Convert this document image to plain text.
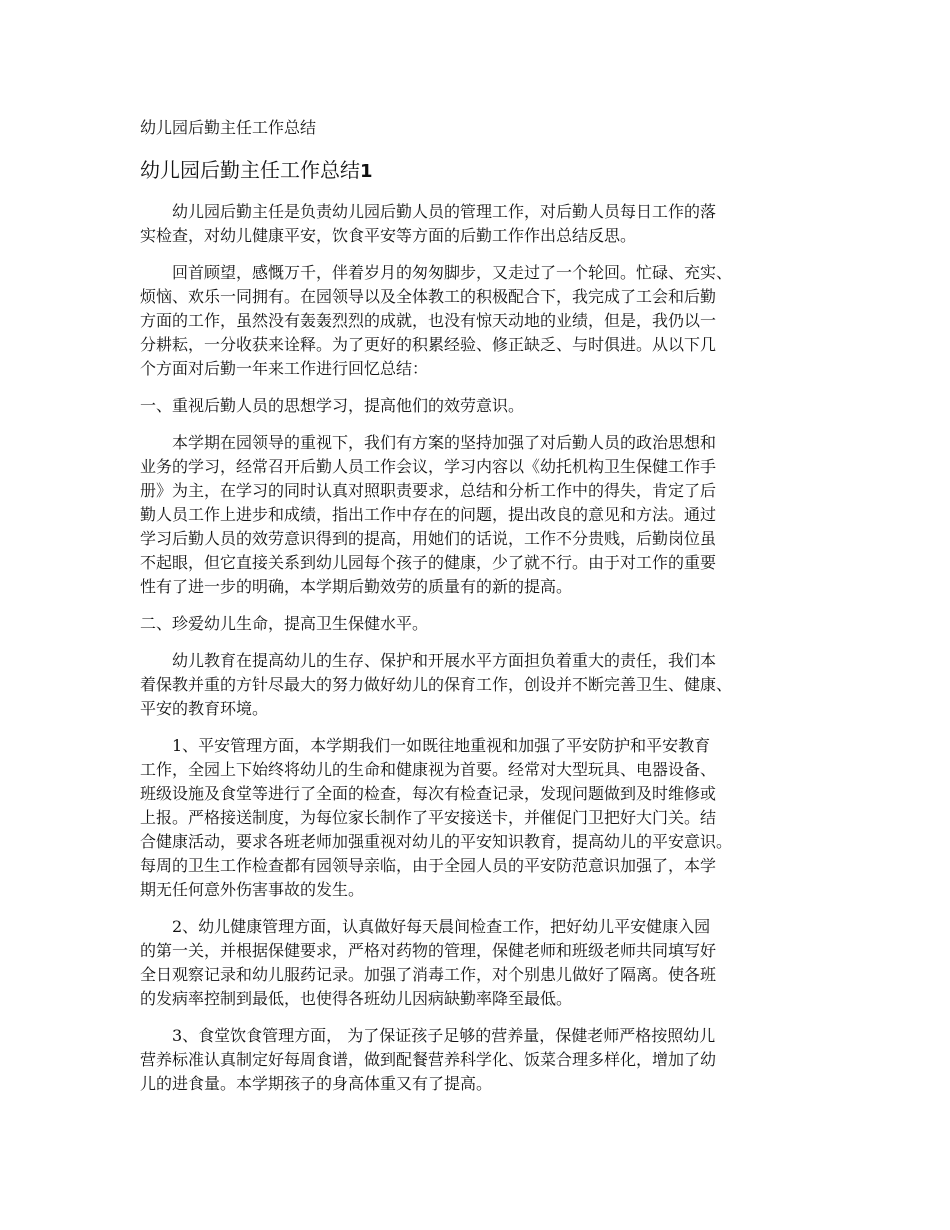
幼儿园后勤主任工作总结
幼儿园后勤主任工作总结1
　　幼儿园后勤主任是负责幼儿园后勤人员的管理工作，对后勤人员每日工作的落
实检查，对幼儿健康平安，饮食平安等方面的后勤工作作出总结反思。
　　回首顾望，感慨万千，伴着岁月的匆匆脚步，又走过了一个轮回。忙碌、充实、
烦恼、欢乐一同拥有。在园领导以及全体教工的积极配合下，我完成了工会和后勤
方面的工作，虽然没有轰轰烈烈的成就，也没有惊天动地的业绩，但是，我仍以一
分耕耘，一分收获来诠释。为了更好的积累经验、修正缺乏、与时俱进。从以下几
个方面对后勤一年来工作进行回忆总结：
一、重视后勤人员的思想学习，提高他们的效劳意识。
　　本学期在园领导的重视下，我们有方案的坚持加强了对后勤人员的政治思想和
业务的学习，经常召开后勤人员工作会议，学习内容以《幼托机构卫生保健工作手
册》为主，在学习的同时认真对照职责要求，总结和分析工作中的得失，肯定了后
勤人员工作上进步和成绩，指出工作中存在的问题，提出改良的意见和方法。通过
学习后勤人员的效劳意识得到的提高，用她们的话说，工作不分贵贱，后勤岗位虽
不起眼，但它直接关系到幼儿园每个孩子的健康，少了就不行。由于对工作的重要
性有了进一步的明确，本学期后勤效劳的质量有的新的提高。
二、珍爱幼儿生命，提高卫生保健水平。
　　幼儿教育在提高幼儿的生存、保护和开展水平方面担负着重大的责任，我们本
着保教并重的方针尽最大的努力做好幼儿的保育工作，创设并不断完善卫生、健康、
平安的教育环境。
　　1、平安管理方面，本学期我们一如既往地重视和加强了平安防护和平安教育
工作，全园上下始终将幼儿的生命和健康视为首要。经常对大型玩具、电器设备、
班级设施及食堂等进行了全面的检查，每次有检查记录，发现问题做到及时维修或
上报。严格接送制度，为每位家长制作了平安接送卡，并催促门卫把好大门关。结
合健康活动，要求各班老师加强重视对幼儿的平安知识教育，提高幼儿的平安意识。
每周的卫生工作检查都有园领导亲临，由于全园人员的平安防范意识加强了，本学
期无任何意外伤害事故的发生。
　　2、幼儿健康管理方面，认真做好每天晨间检查工作，把好幼儿平安健康入园
的第一关，并根据保健要求，严格对药物的管理，保健老师和班级老师共同填写好
全日观察记录和幼儿服药记录。加强了消毒工作，对个别患儿做好了隔离。使各班
的发病率控制到最低，也使得各班幼儿因病缺勤率降至最低。
　　3、食堂饮食管理方面， 为了保证孩子足够的营养量，保健老师严格按照幼儿
营养标准认真制定好每周食谱，做到配餐营养科学化、饭菜合理多样化，增加了幼
儿的进食量。本学期孩子的身高体重又有了提高。
